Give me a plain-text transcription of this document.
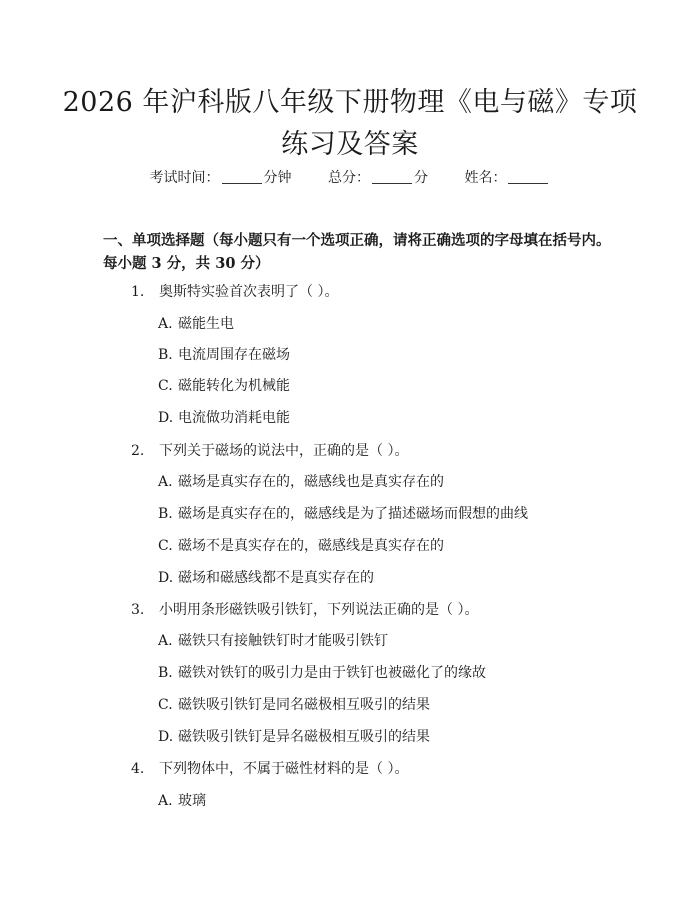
2026 年沪科版八年级下册物理《电与磁》专项练习及答案
考试时间：	分钟	总分：	分	姓名：

一、单项选择题（每小题只有一个选项正确，请将正确选项的字母填在括号内。每小题 3 分，共 30 分）

1. 奥斯特实验首次表明了（ ）。
A. 磁能生电
B. 电流周围存在磁场
C. 磁能转化为机械能
D. 电流做功消耗电能
2. 下列关于磁场的说法中，正确的是（ ）。
A. 磁场是真实存在的，磁感线也是真实存在的
B. 磁场是真实存在的，磁感线是为了描述磁场而假想的曲线
C. 磁场不是真实存在的，磁感线是真实存在的
D. 磁场和磁感线都不是真实存在的
3. 小明用条形磁铁吸引铁钉，下列说法正确的是（ ）。
A. 磁铁只有接触铁钉时才能吸引铁钉
B. 磁铁对铁钉的吸引力是由于铁钉也被磁化了的缘故
C. 磁铁吸引铁钉是同名磁极相互吸引的结果
D. 磁铁吸引铁钉是异名磁极相互吸引的结果
4. 下列物体中，不属于磁性材料的是（ ）。
A. 玻璃
